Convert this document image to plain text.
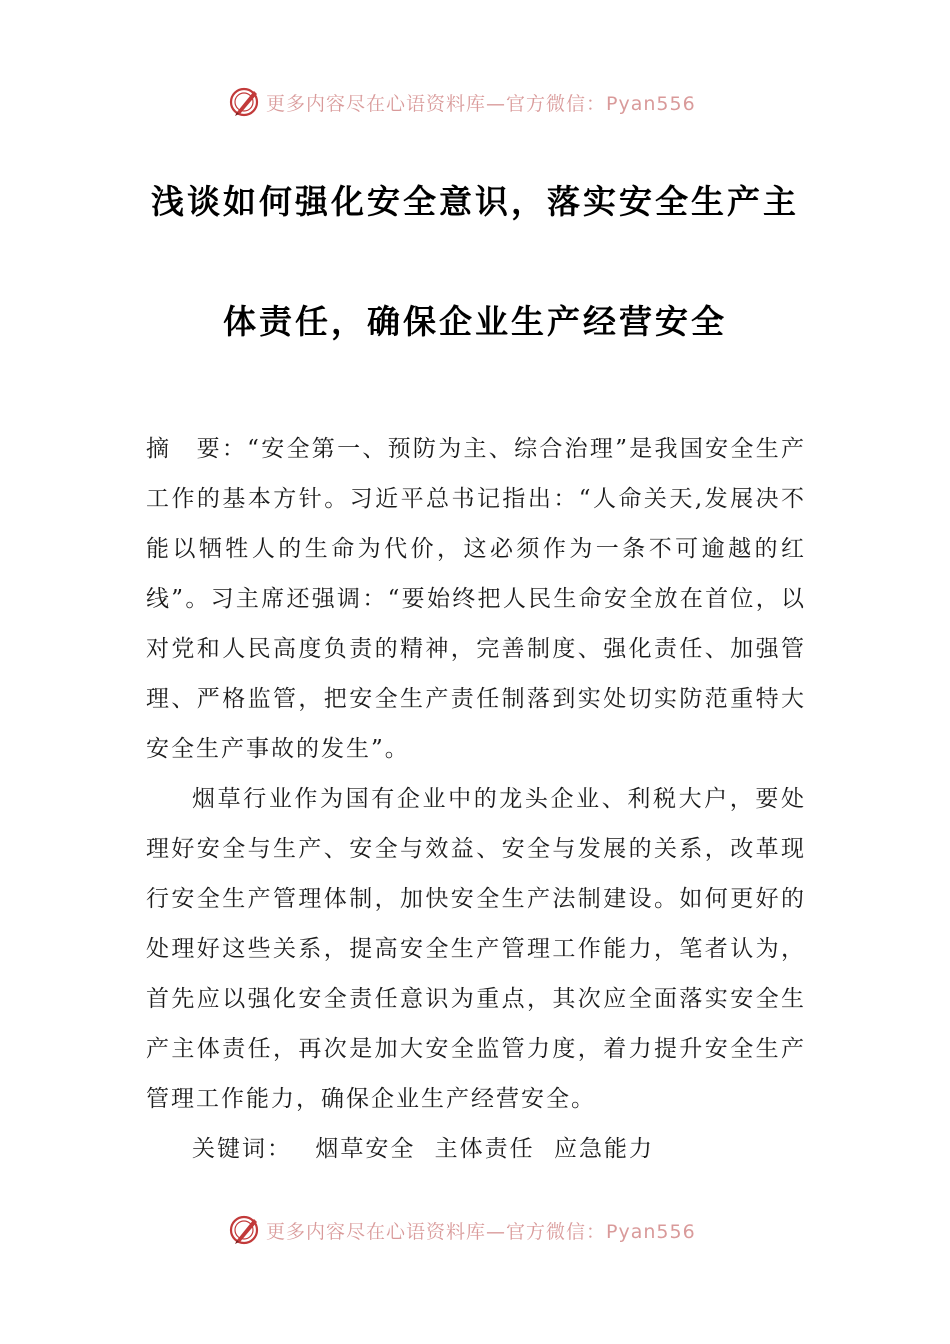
更多内容尽在心语资料库—官方微信：Pyan556
浅谈如何强化安全意识，落实安全生产主
体责任，确保企业生产经营安全
摘　要：“安全第一、预防为主、综合治理”是我国安全生产工作的基本方针。习近平总书记指出：“人命关天,发展决不能以牺牲人的生命为代价，这必须作为一条不可逾越的红线”。习主席还强调：“要始终把人民生命安全放在首位，以对党和人民高度负责的精神，完善制度、强化责任、加强管理、严格监管，把安全生产责任制落到实处切实防范重特大安全生产事故的发生”。
烟草行业作为国有企业中的龙头企业、利税大户，要处理好安全与生产、安全与效益、安全与发展的关系，改革现行安全生产管理体制，加快安全生产法制建设。如何更好的处理好这些关系，提高安全生产管理工作能力，笔者认为，首先应以强化安全责任意识为重点，其次应全面落实安全生产主体责任，再次是加大安全监管力度，着力提升安全生产管理工作能力，确保企业生产经营安全。
关键词： 烟草安全 主体责任 应急能力
更多内容尽在心语资料库—官方微信：Pyan556
